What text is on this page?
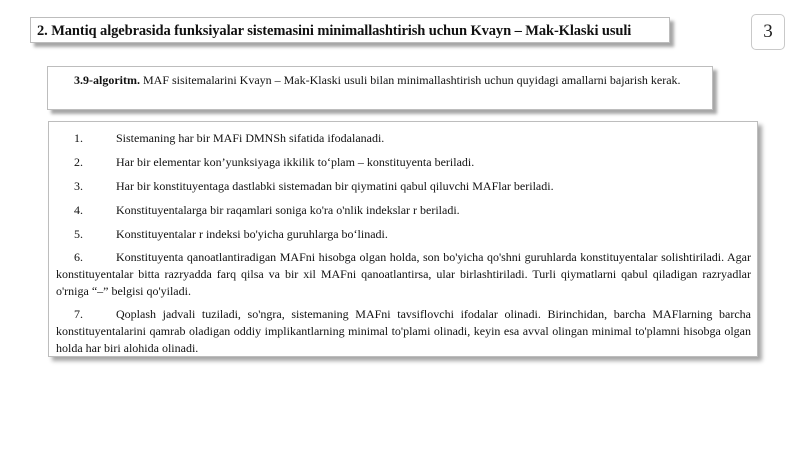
2. Mantiq algebrasida funksiyalar sistemasini minimallashtirish uchun Kvayn – Mak-Klaski usuli	3
3.9-algoritm. MAF sisitemalarini Kvayn – Mak-Klaski usuli bilan minimallashtirish uchun quyidagi amallarni bajarish kerak.
1.	Sistemaning har bir MAFi DMNSh sifatida ifodalanadi.
2.	Har bir elementar kon’yunksiyaga ikkilik to‘plam – konstituyenta beriladi.
3.	Har bir konstituyentaga dastlabki sistemadan bir qiymatini qabul qiluvchi MAFlar beriladi.
4.	Konstituyentalarga bir raqamlari soniga ko'ra o'nlik indekslar r beriladi.
5.	Konstituyentalar r indeksi bo'yicha guruhlarga bo‘linadi.
6.	Konstituyenta qanoatlantiradigan MAFni hisobga olgan holda, son bo'yicha qo'shni guruhlarda konstituyentalar solishtiriladi. Agar konstituyentalar bitta razryadda farq qilsa va bir xil MAFni qanoatlantirsa, ular birlashtiriladi. Turli qiymatlarni qabul qiladigan razryadlar o'rniga “–” belgisi qo'yiladi.
7.	Qoplash jadvali tuziladi, so'ngra, sistemaning MAFni tavsiflovchi ifodalar olinadi. Birinchidan, barcha MAFlarning barcha konstituyentalarini qamrab oladigan oddiy implikantlarning minimal to'plami olinadi, keyin esa avval olingan minimal to'plamni hisobga olgan holda har biri alohida olinadi.
